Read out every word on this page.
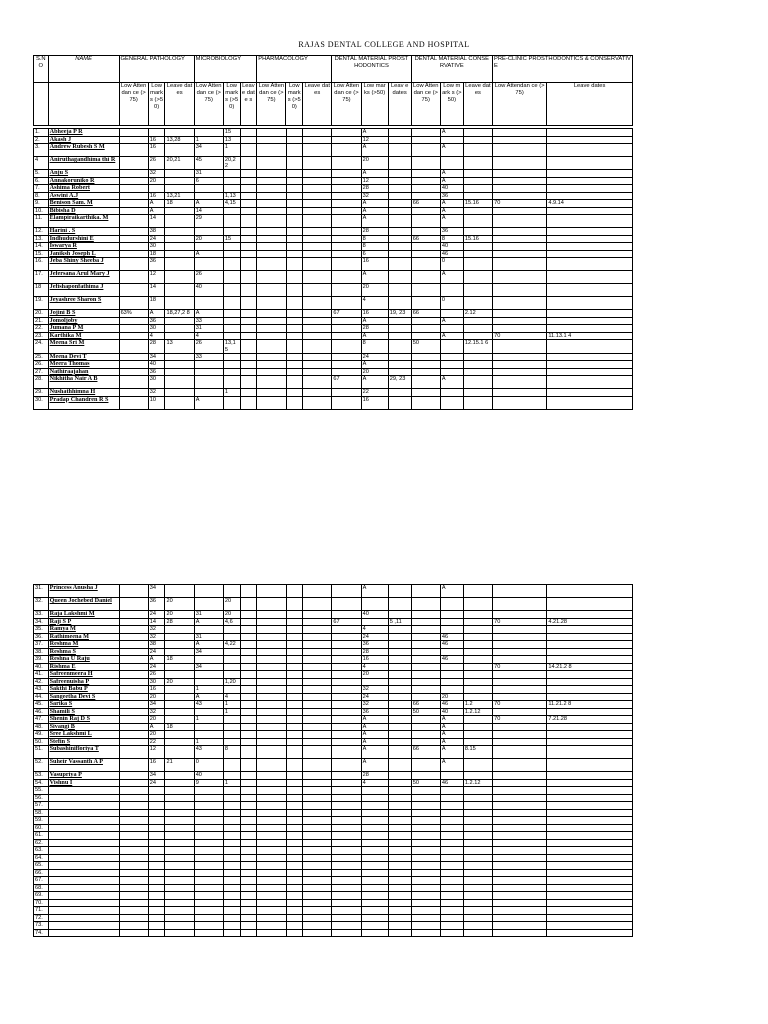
RAJAS DENTAL COLLEGE AND HOSPITAL
S.N O	NAME	GENERAL PATHOLOGY			MICROBIOLOGY			PHARMACOLOGY			DENTAL MATERIAL PROSTHODONTICS			DENTAL MATERIAL CONSERVATIVE			PRE-CLINIC PROSTHODONTICS & CONSERVATIVE	
		Low Attendan ce (>75)	Low mark s (>50)	Leave dates	Low Attendan ce (>75)	Low mark s (>50)	Leav e date s	Low Attendan ce (>75)	Low mark s (>50)	Leave dates	Low Attendan ce (>75)	Low marks (>50)	Leav e dates	Low Attendan ce (>75)	Low mark s (>50)	Leave dates	Low Attendan ce (>75)	Leave dates
1.	Abheeja P R					15						A			A			
2.	Akash J		16	13,28	1	13						12						
3.	Andrew Rubesh S M		16		34	1						A			A			
4	Aniruthagandhima thi R		26	20,21	45	20,2 2						20						
5.	Anju S		32		31							A			A			
6.	Annakoruniko R		20		6							12			A			
7.	Ashima Robert											28			40			
8.	Aswini A.J		16	13,21		1,13						32			36			
9.	Benison Sam. M		A	18	A	4,15						A		66	A	15.16	70	4.9.14
10.	Bibisha D		A		14							A			A			
11.	Elampiraikarthika. M		14		29							A			A			
12.	Harini . S		38									28			36			
13.	Indhudurshini E		24		20	15						8		66	8	15.16		
14.	Iswarya R		30									8			40			
15.	Janiksh Joseph L		18		A							6			46			
16.	Jeba Shiny Sheeba J		36									16			0			
17.	Jefersana Arul Mary J		12		26							A			A			
18	Jefishaponfathima J		14		40							20						
19.	Jeyashree Sharon S		18									4			0			
20.	Jojini B S	63%	A	18,27,2 8	A						67	16	19, 23	66		2.12		
21.	Jomoljoby		36		33							A			A			
22.	Jumana P M		30		31							28						
23.	Karthika M		4		4							A			A		70	11.13.1 4
24.	Meena Sri M		28	13	26	13,1 5						8		50		12.15.1 6		
25.	Meena Devi T		34		33							24						
26.	Meera Thomas		40									A						
27.	Nathiraajahan		36									20						
28.	Nikhitha Nair A B		30								67	A	29, 23		A			
29.	Nushathhimna H		32			1						22						
30.	Pradap Chandren R S		10		A							16						
31.	Princess Anusha J		34									A			A			
32.	Queen Jochebed Daniel		36	20		20												
33.	Raja Lakshmi M		24	20	31	20						40						
34.	Raji S P		14	28	A	4,6					67		5 ,11				70	4.21.28
35.	Ramya M		32									4						
36.	Rathimeena M		32		31							24			46			
37.	Reshma M		38		A	4,22						36			46			
38.	Reshma S		24		34							28						
39.	Reshna U Raju		A	18								16			46			
40.	Rishma E		24		34							4					70	14.21.2 8
41.	Safreenmeera H		26									20						
42.	Safreenuisha P		30	20		1,20												
43.	Sakthi Babu P		16		1							32						
44.	Sangeetha Devi S		20		A	4						24			20			
45.	Sarika S		34		43	1						32		66	46	1.2	70	11.21.2 8
46.	Shamili S		32			1						36		50	40	1.2.12		
47.	Shenin Raj D S		20		1							A			A		70	7.21.28
48.	Sivangi B		A	18								A			A			
49.	Sree Lakshmi L		20									A			A			
50.	Stefin S		22		1							A			A			
51.	Subashinifloriya T		12		43	8						A		66	A	8.15		
52.	Suheir Vassanth A P		16	21	0							A			A			
53.	Vasupriya P		34		40							28						
54.	Vishnu I		24		9	1						4		50	46	1.2.12		
55.																		
56.																		
57.																		
58.																		
59.																		
60.																		
61.																		
62.																		
63.																		
64.																		
65.																		
66.																		
67.																		
68.																		
69.																		
70.																		
71.																		
72.																		
73.																		
74.																		
